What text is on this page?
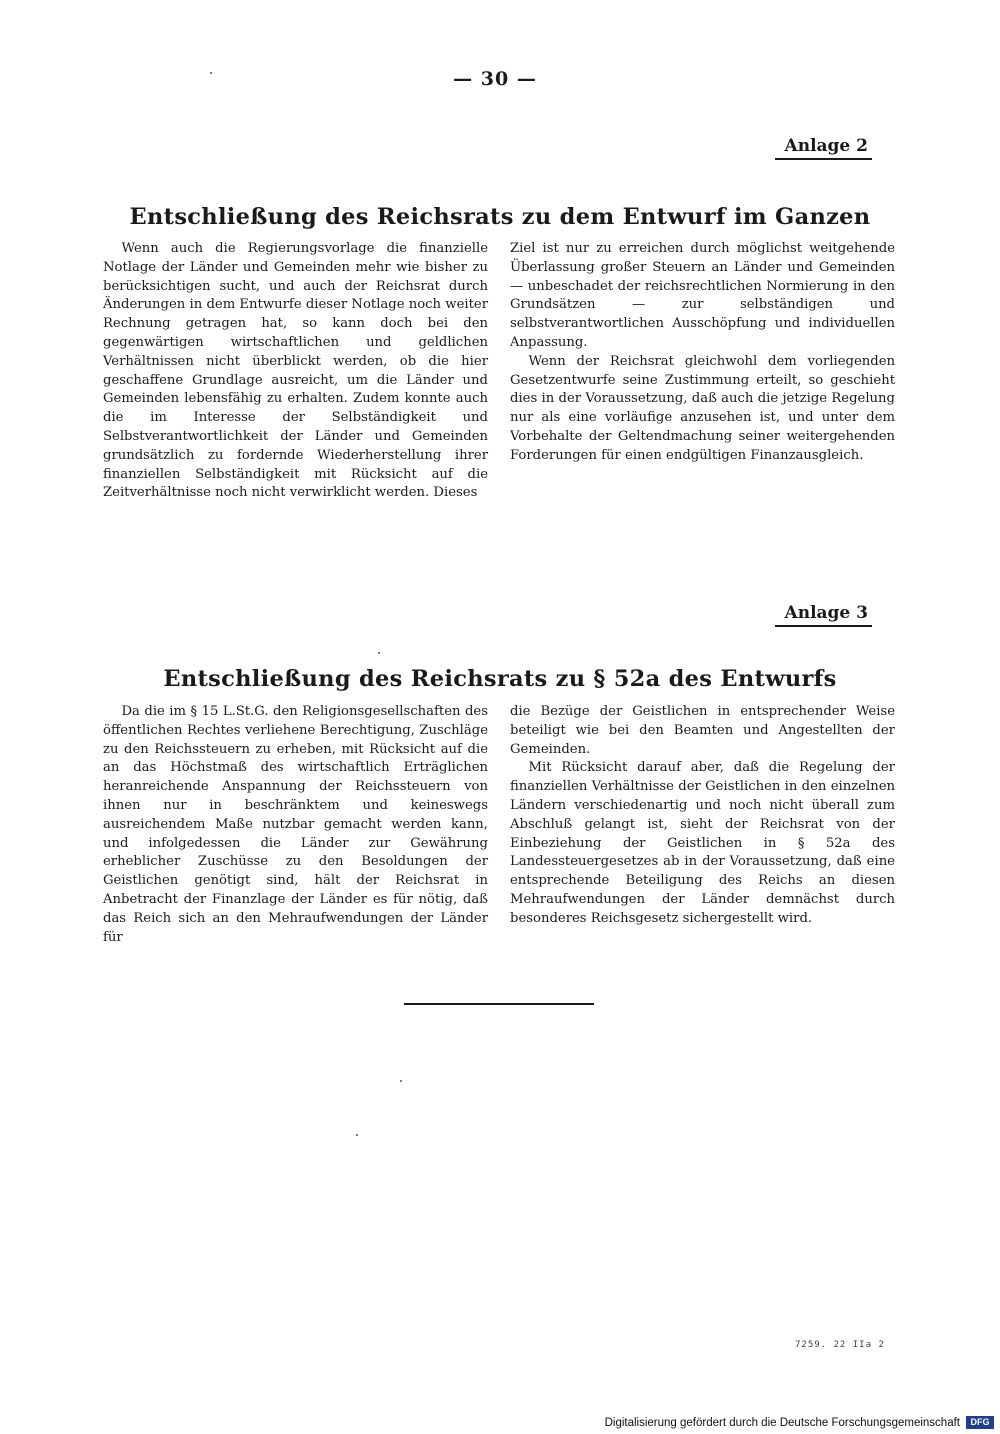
— 30 —
Anlage 2
Entschließung des Reichsrats zu dem Entwurf im Ganzen

Wenn auch die Regierungsvorlage die finanzielle Notlage der Länder und Gemeinden mehr wie bisher zu berücksichtigen sucht, und auch der Reichsrat durch Änderungen in dem Entwurfe dieser Notlage noch weiter Rechnung getragen hat, so kann doch bei den gegenwärtigen wirtschaftlichen und geldlichen Verhältnissen nicht überblickt werden, ob die hier geschaffene Grundlage ausreicht, um die Länder und Gemeinden lebensfähig zu erhalten. Zudem konnte auch die im Interesse der Selbständigkeit und Selbstverantwortlichkeit der Länder und Gemeinden grundsätzlich zu fordernde Wiederherstellung ihrer finanziellen Selbständigkeit mit Rücksicht auf die Zeitverhältnisse noch nicht verwirklicht werden. Dieses

Ziel ist nur zu erreichen durch möglichst weitgehende Überlassung großer Steuern an Länder und Gemeinden — unbeschadet der reichsrechtlichen Normierung in den Grundsätzen — zur selbständigen und selbstverantwortlichen Ausschöpfung und individuellen Anpassung.

Wenn der Reichsrat gleichwohl dem vorliegenden Gesetzentwurfe seine Zustimmung erteilt, so geschieht dies in der Voraussetzung, daß auch die jetzige Regelung nur als eine vorläufige anzusehen ist, und unter dem Vorbehalte der Geltendmachung seiner weitergehenden Forderungen für einen endgültigen Finanzausgleich.

Anlage 3
Entschließung des Reichsrats zu § 52a des Entwurfs

Da die im § 15 L.St.G. den Religionsgesellschaften des öffentlichen Rechtes verliehene Berechtigung, Zuschläge zu den Reichssteuern zu erheben, mit Rücksicht auf die an das Höchstmaß des wirtschaftlich Erträglichen heranreichende Anspannung der Reichssteuern von ihnen nur in beschränktem und keineswegs ausreichendem Maße nutzbar gemacht werden kann, und infolgedessen die Länder zur Gewährung erheblicher Zuschüsse zu den Besoldungen der Geistlichen genötigt sind, hält der Reichsrat in Anbetracht der Finanzlage der Länder es für nötig, daß das Reich sich an den Mehraufwendungen der Länder für

die Bezüge der Geistlichen in entsprechender Weise beteiligt wie bei den Beamten und Angestellten der Gemeinden.

Mit Rücksicht darauf aber, daß die Regelung der finanziellen Verhältnisse der Geistlichen in den einzelnen Ländern verschiedenartig und noch nicht überall zum Abschluß gelangt ist, sieht der Reichsrat von der Einbeziehung der Geistlichen in § 52a des Landessteuergesetzes ab in der Voraussetzung, daß eine entsprechende Beteiligung des Reichs an diesen Mehraufwendungen der Länder demnächst durch besonderes Reichsgesetz sichergestellt wird.

7259. 22 IIa 2
Digitalisierung gefördert durch die Deutsche Forschungsgemeinschaft	DFG
